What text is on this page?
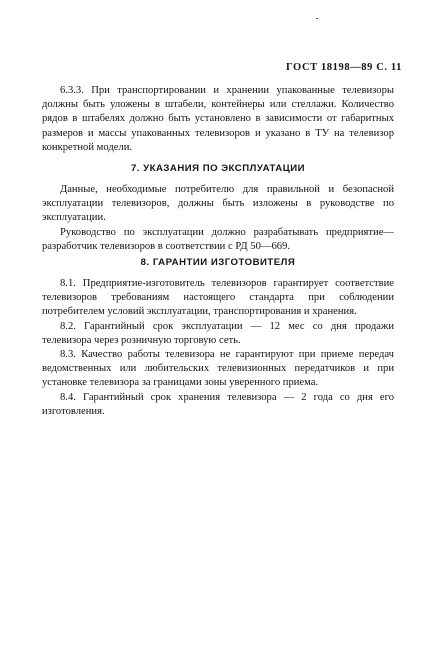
ГОСТ 18198—89 С. 11

6.3.3. При транспортировании и хранении упакованные телевизоры должны быть уложены в штабели, контейнеры или стеллажи. Количество рядов в штабелях должно быть установлено в зависимости от габаритных размеров и массы упакованных телевизоров и указано в ТУ на телевизор конкретной модели.

7. УКАЗАНИЯ ПО ЭКСПЛУАТАЦИИ

Данные, необходимые потребителю для правильной и безопасной эксплуатации телевизоров, должны быть изложены в руководстве по эксплуатации.

Руководство по эксплуатации должно разрабатывать предприятие—разработчик телевизоров в соответствии с РД 50—669.

8. ГАРАНТИИ ИЗГОТОВИТЕЛЯ

8.1. Предприятие-изготовитель телевизоров гарантирует соответствие телевизоров требованиям настоящего стандарта при соблюдении потребителем условий эксплуатации, транспортирования и хранения.

8.2. Гарантийный срок эксплуатации — 12 мес со дня продажи телевизора через розничную торговую сеть.

8.3. Качество работы телевизора не гарантируют при приеме передач ведомственных или любительских телевизионных передатчиков и при установке телевизора за границами зоны уверенного приема.

8.4. Гарантийный срок хранения телевизора — 2 года со дня его изготовления.
